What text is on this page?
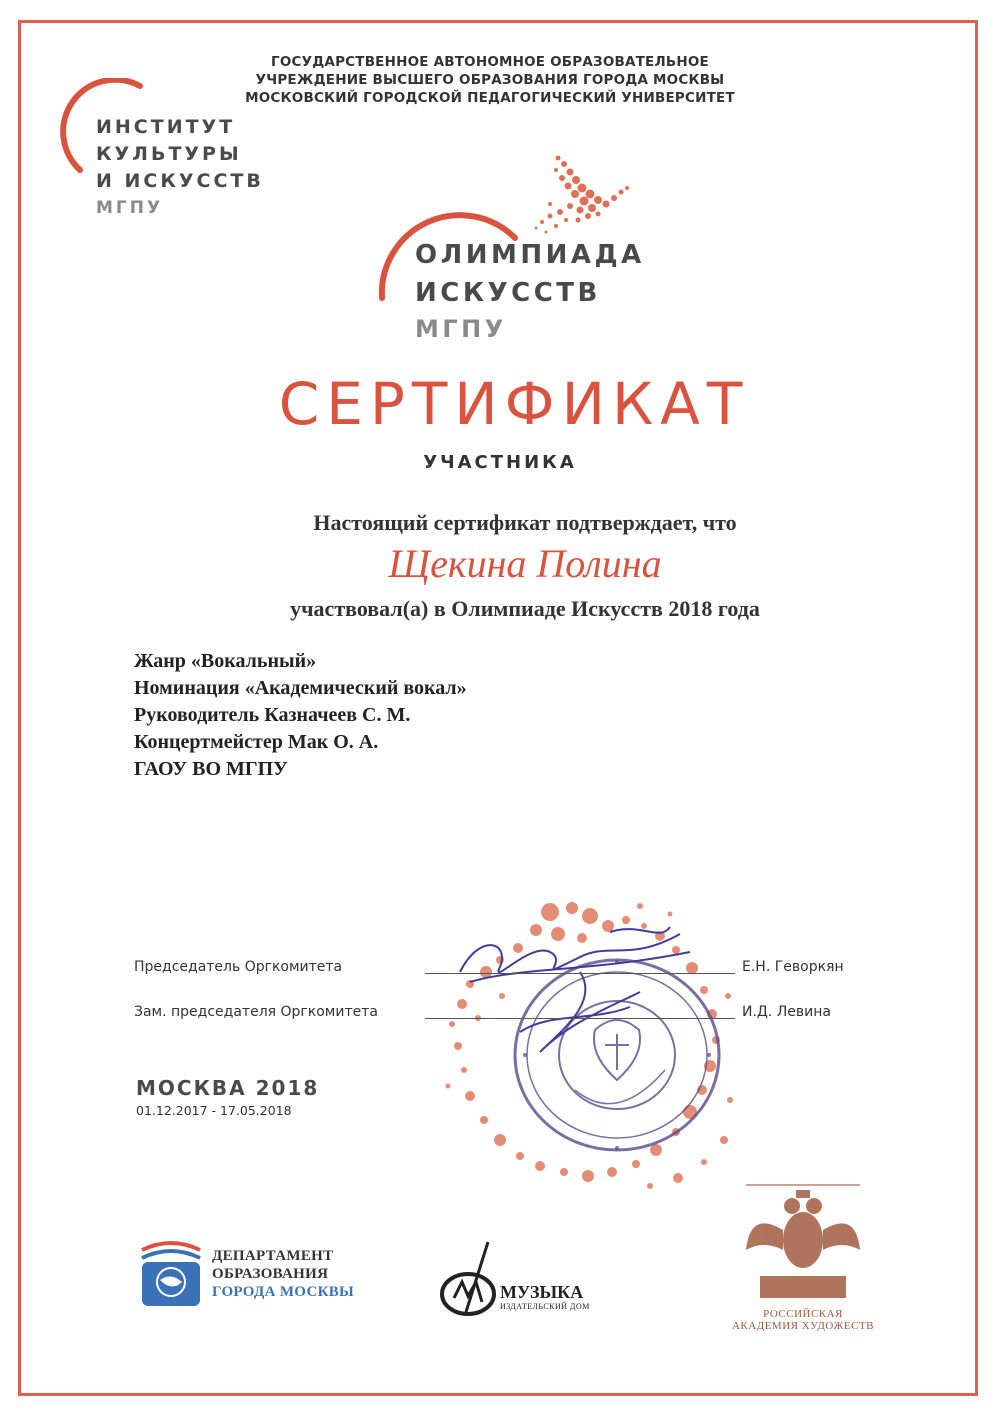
ГОСУДАРСТВЕННОЕ АВТОНОМНОЕ ОБРАЗОВАТЕЛЬНОЕ
УЧРЕЖДЕНИЕ ВЫСШЕГО ОБРАЗОВАНИЯ ГОРОДА МОСКВЫ
МОСКОВСКИЙ ГОРОДСКОЙ ПЕДАГОГИЧЕСКИЙ УНИВЕРСИТЕТ
ИНСТИТУТ
КУЛЬТУРЫ
И ИСКУССТВ
МГПУ
ОЛИМПИАДА
ИСКУССТВ
МГПУ
СЕРТИФИКАТ
УЧАСТНИКА
Настоящий сертификат подтверждает, что
Щекина Полина
участвовал(а) в Олимпиаде Искусств 2018 года
Жанр «Вокальный»
Номинация «Академический вокал»
Руководитель Казначеев С. М.
Концертмейстер Мак О. А.
ГАОУ ВО МГПУ
Председатель Оргкомитета	Е.Н. Геворкян
Зам. председателя Оргкомитета	И.Д. Левина
МОСКВА 2018
01.12.2017 - 17.05.2018
ДЕПАРТАМЕНТ
ОБРАЗОВАНИЯ
ГОРОДА МОСКВЫ	МУЗЫКА
ИЗДАТЕЛЬСКИЙ ДОМ
РОССИЙСКАЯ
АКАДЕМИЯ ХУДОЖЕСТВ
